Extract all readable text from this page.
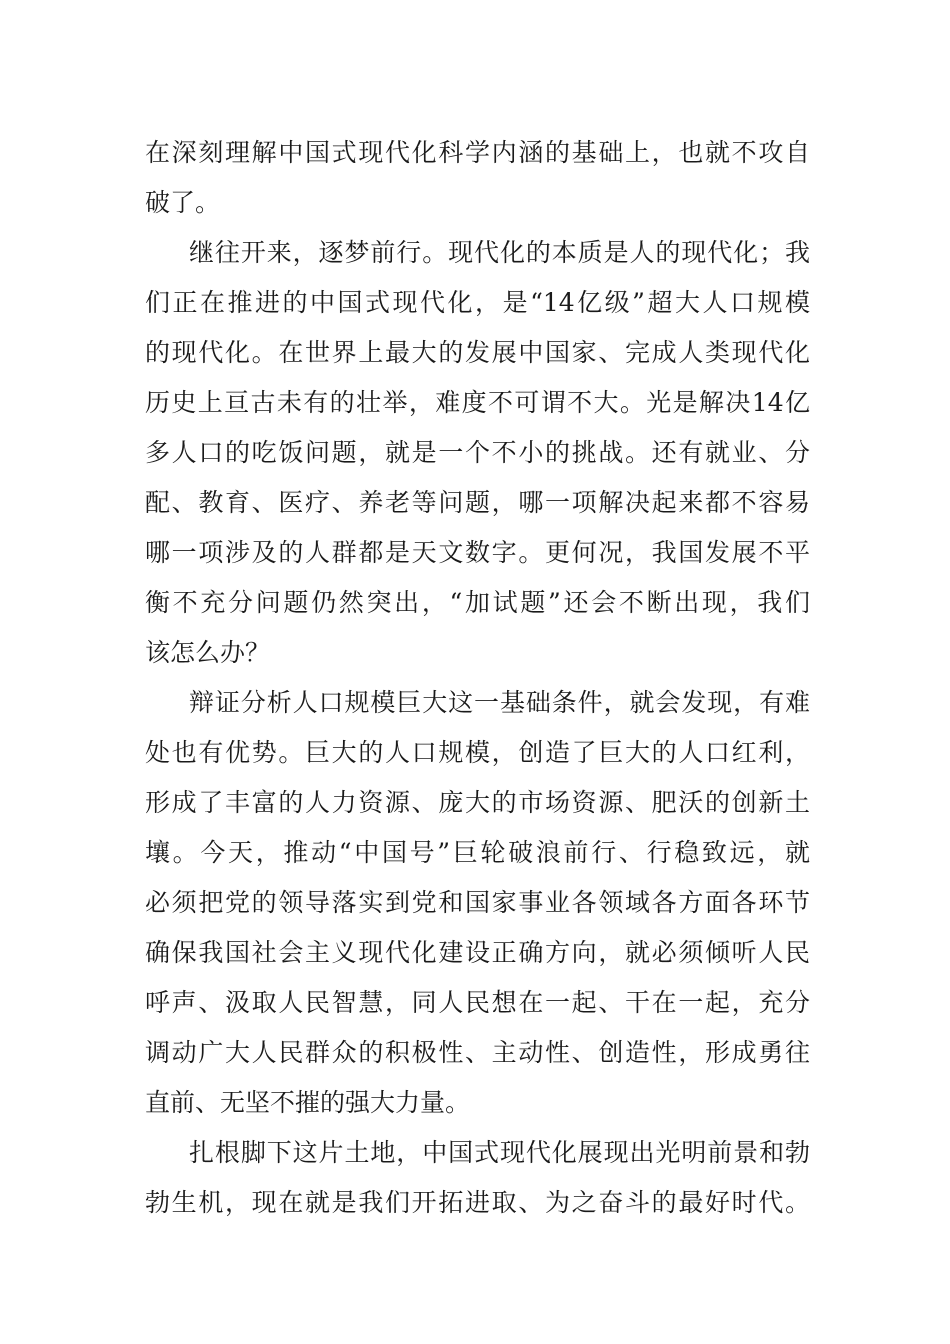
在深刻理解中国式现代化科学内涵的基础上，也就不攻自
破了。
继往开来，逐梦前行。现代化的本质是人的现代化；我
们正在推进的中国式现代化，是“14亿级”超大人口规模
的现代化。在世界上最大的发展中国家、完成人类现代化
历史上亘古未有的壮举，难度不可谓不大。光是解决14亿
多人口的吃饭问题，就是一个不小的挑战。还有就业、分
配、教育、医疗、养老等问题，哪一项解决起来都不容易
哪一项涉及的人群都是天文数字。更何况，我国发展不平
衡不充分问题仍然突出，“加试题”还会不断出现，我们
该怎么办？
辩证分析人口规模巨大这一基础条件，就会发现，有难
处也有优势。巨大的人口规模，创造了巨大的人口红利，
形成了丰富的人力资源、庞大的市场资源、肥沃的创新土
壤。今天，推动“中国号”巨轮破浪前行、行稳致远，就
必须把党的领导落实到党和国家事业各领域各方面各环节
确保我国社会主义现代化建设正确方向，就必须倾听人民
呼声、汲取人民智慧，同人民想在一起、干在一起，充分
调动广大人民群众的积极性、主动性、创造性，形成勇往
直前、无坚不摧的强大力量。
扎根脚下这片土地，中国式现代化展现出光明前景和勃
勃生机，现在就是我们开拓进取、为之奋斗的最好时代。
